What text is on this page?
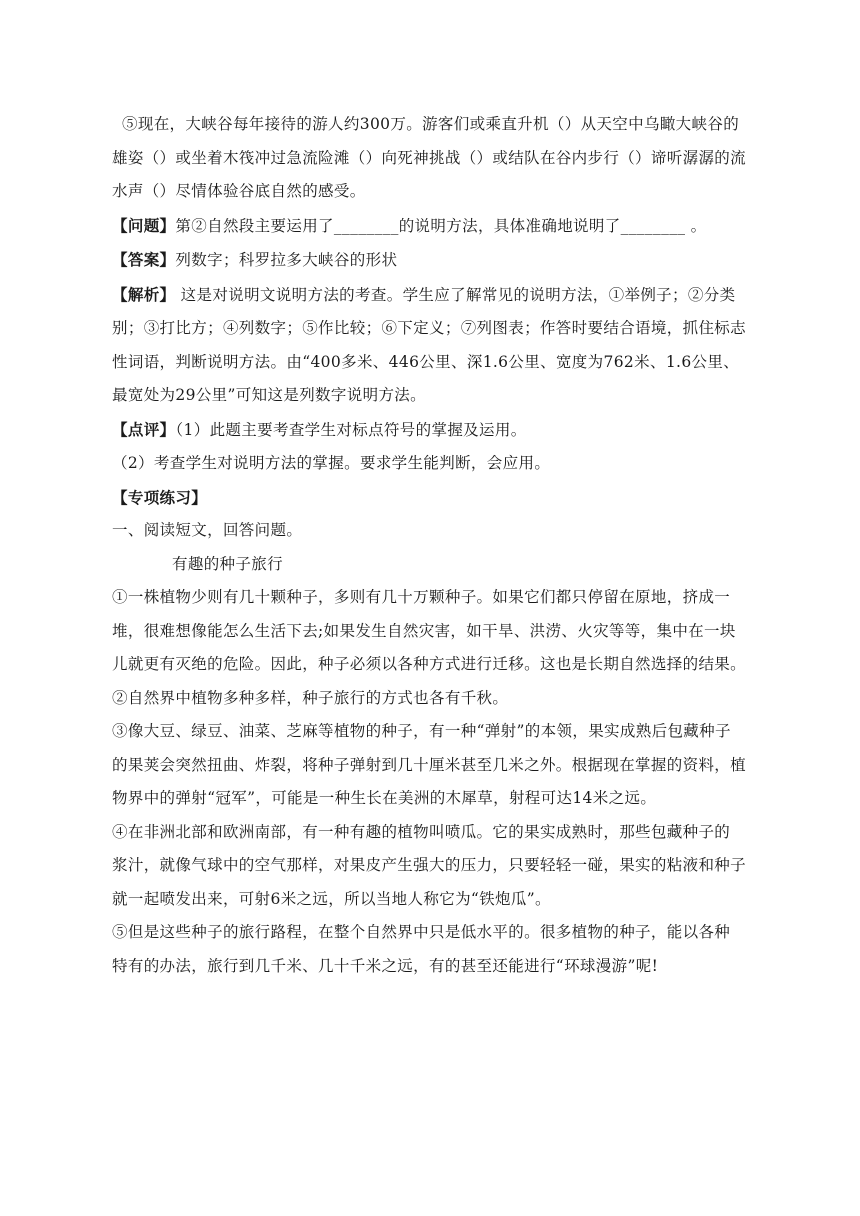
⑤现在，大峡谷每年接待的游人约300万。游客们或乘直升机（）从天空中乌瞰大峡谷的
雄姿（）或坐着木筏冲过急流险滩（）向死神挑战（）或结队在谷内步行（）谛听潺潺的流
水声（）尽情体验谷底自然的感受。
【问题】第②自然段主要运用了________的说明方法，具体准确地说明了________ 。
【答案】列数字；科罗拉多大峡谷的形状
【解析】 这是对说明文说明方法的考查。学生应了解常见的说明方法，①举例子；②分类
别；③打比方；④列数字；⑤作比较；⑥下定义；⑦列图表；作答时要结合语境，抓住标志
性词语，判断说明方法。由“400多米、446公里、深1.6公里、宽度为762米、1.6公里、
最宽处为29公里”可知这是列数字说明方法。
【点评】（1）此题主要考查学生对标点符号的掌握及运用。
（2）考查学生对说明方法的掌握。要求学生能判断，会应用。
【专项练习】
一、阅读短文，回答问题。
有趣的种子旅行
①一株植物少则有几十颗种子，多则有几十万颗种子。如果它们都只停留在原地，挤成一
堆，很难想像能怎么生活下去;如果发生自然灾害，如干旱、洪涝、火灾等等，集中在一块
儿就更有灭绝的危险。因此，种子必须以各种方式进行迁移。这也是长期自然选择的结果。
②自然界中植物多种多样，种子旅行的方式也各有千秋。
③像大豆、绿豆、油菜、芝麻等植物的种子，有一种“弹射”的本领，果实成熟后包藏种子
的果荚会突然扭曲、炸裂，将种子弹射到几十厘米甚至几米之外。根据现在掌握的资料，植
物界中的弹射“冠军”，可能是一种生长在美洲的木犀草，射程可达14米之远。
④在非洲北部和欧洲南部，有一种有趣的植物叫喷瓜。它的果实成熟时，那些包藏种子的
浆汁，就像气球中的空气那样，对果皮产生强大的压力，只要轻轻一碰，果实的粘液和种子
就一起喷发出来，可射6米之远，所以当地人称它为“铁炮瓜”。
⑤但是这些种子的旅行路程，在整个自然界中只是低水平的。很多植物的种子，能以各种
特有的办法，旅行到几千米、几十千米之远，有的甚至还能进行“环球漫游”呢!
